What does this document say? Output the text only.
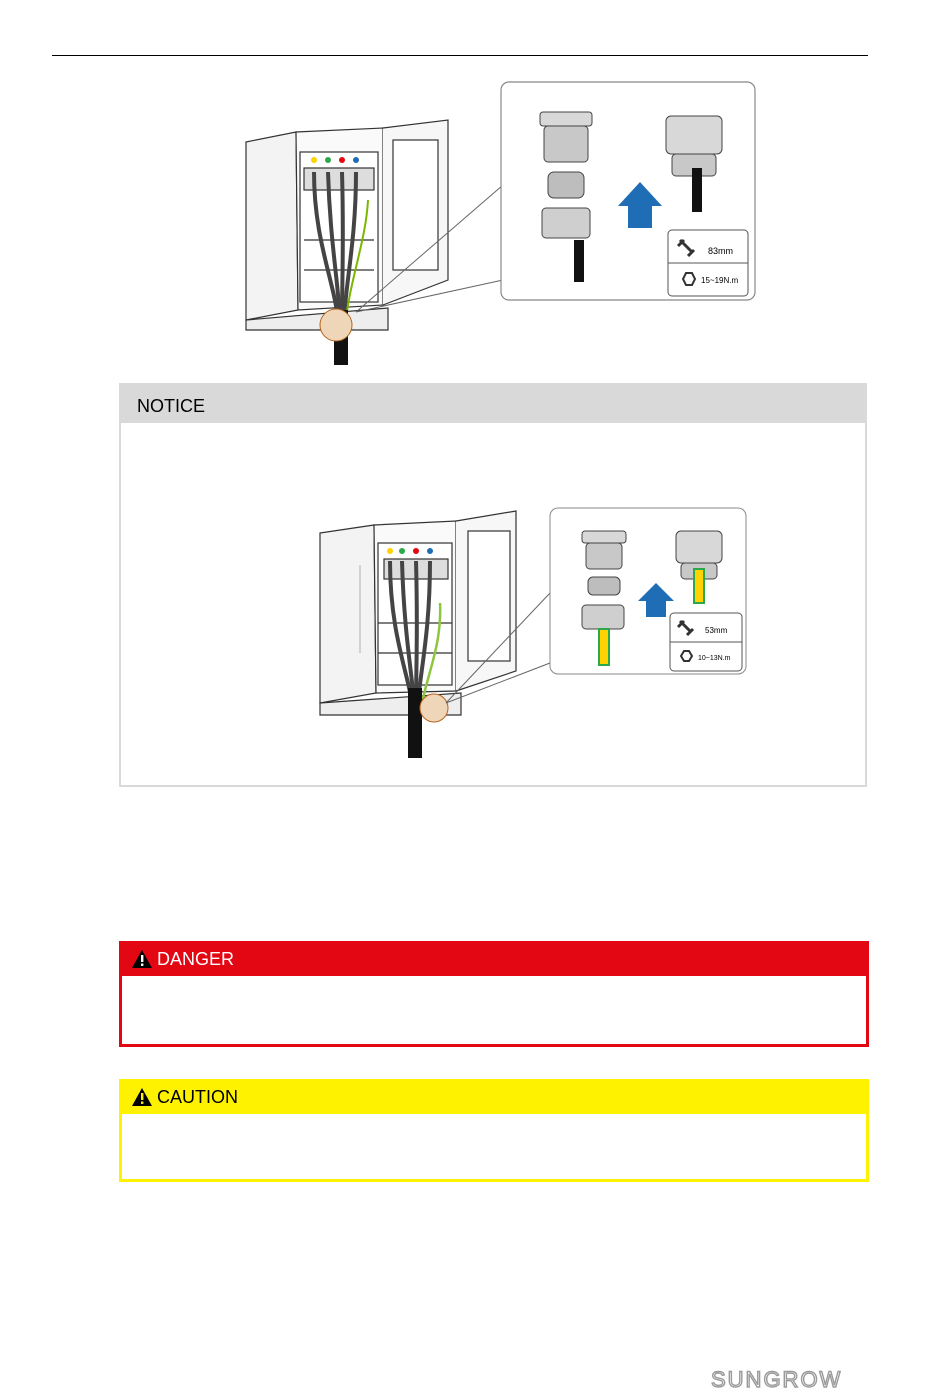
83mm
15~19N.m
NOTICE
53mm
10~13N.m
DANGER
CAUTION
SUNGROW
